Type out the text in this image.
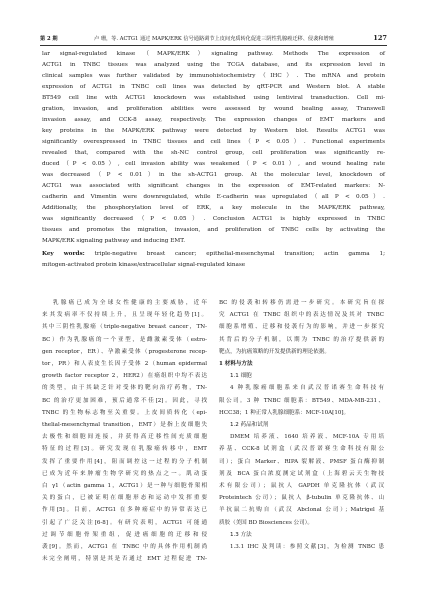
第 2 期	卢 珊，等. ACTG1 通过 MAPK/ERK 信号通路调节上皮间充质转化促进三阴性乳腺癌迁移、侵袭和增殖	127
lar signal-regulated kinase（MAPK/ERK）signaling pathway. Methods The expression of
ACTG1 in TNBC tissues was analyzed using the TCGA database, and its expression level in
clinical samples was further validated by immunohistochemistry（IHC）. The mRNA and protein
expression of ACTG1 in TNBC cell lines was detected by qRT-PCR and Western blot. A stable
BT549 cell line with ACTG1 knockdown was established using lentiviral transduction. Cell mi-
gration, invasion, and proliferation abilities were assessed by wound healing assay, Transwell
invasion assay, and CCK-8 assay, respectively. The expression changes of EMT markers and
key proteins in the MAPK/ERK pathway were detected by Western blot. Results ACTG1 was
significantly overexpressed in TNBC tissues and cell lines（P < 0.05）. Functional experiments
revealed that, compared with the sh-NC control group, cell proliferation was significantly re-
duced（P < 0.05）, cell invasion ability was weakened（P < 0.01）, and wound healing rate
was decreased（P < 0.01）in the sh-ACTG1 group. At the molecular level, knockdown of
ACTG1 was associated with significant changes in the expression of EMT-related markers: N-
cadherin and Vimentin were downregulated, while E-cadherin was upregulated（all P < 0.05）.
Additionally, the phosphorylation level of ERK, a key molecule in the MAPK/ERK pathway,
was significantly decreased（P < 0.05）. Conclusion ACTG1 is highly expressed in TNBC
tissues and promotes the migration, invasion, and proliferation of TNBC cells by activating the
MAPK/ERK signaling pathway and inducing EMT.
Key words: triple-negative breast cancer; epithelial-mesenchymal transition; actin gamma 1;
mitogen-activated protein kinase/extracellular signal-regulated kinase
乳腺癌已成为全球女性健康的主要威胁，近年
来其发病率不仅持续上升，且呈现年轻化趋势[1]。
其中三阴性乳腺癌（triple-negative breast cancer，TN-
BC）作为乳腺癌的一个亚型，是雌激素受体（estro-
gen receptor，ER）、孕激素受体（progesterone recep-
tor，PR）和人表皮生长因子受体 2（human epidermal
growth factor receptor 2，HER2）在癌组织中均不表达
的类型，由于其缺乏针对受体的靶向治疗药物，TN-
BC 的治疗更加困难，预后通常不佳[2]。因此，寻找
TNBC 的生物标志物至关重要。上皮间质转化（epi-
thelial-mesenchymal transition，EMT）是指上皮细胞失
去极性和细胞间连接，并获得高迁移性间充质细胞
特征的过程[3]。研究发现在乳腺癌转移中，EMT
发挥了重要作用[4]，阻而调控这一过程的分子机制
已成为近年来肿瘤生物学研究的热点之一。肌动蛋
白 γ1（actin gamma 1，ACTG1）是一种与细胞骨架相
关的蛋白，已被证明在细胞形态和运动中发挥重要
作用[5]。目前，ACTG1 在多种癌症中的异常表达已
引起了广泛关注[6-8]。有研究表明，ACTG1 可能通
过调节细胞骨架重组，促进癌细胞的迁移和侵
袭[9]。然而，ACTG1 在 TNBC 中的具体作用机制尚
未完全阐明，特别是其是否通过 EMT 过程促进 TN-
BC 的侵袭和转移仍需进一步研究。本研究旨在探
究 ACTG1 在 TNBC 组织中的表达情况及其对 TNBC
细胞系增殖、迁移和侵袭行为的影响，并进一步探究
其背后的分子机制，以期为 TNBC 的治疗提供新的
靶点，为抗癌策略的开发提供新的理论依据。
1 材料与方法
1.1 细胞
4 种乳腺癌细胞系来自武汉普诺赛生命科技有
限公司。3 种 TNBC 细胞系：BT549、MDA-MB-231、
HCC38；1 种正常人乳腺细胞系：MCF-10A[10]。
1.2 药品和试剂
DMEM 培养液、1640 培养液、MCF-10A 专用培
养基、CCK-8 试剂盒（武汉普诺赛生命科技有限公
司）；蛋白 Marker、RIPA 裂解液、PMSF 蛋白酶抑制
剂及 BCA 蛋白浓度测定试剂盒（上海碧云天生物技
术有限公司）；鼠抗人 GAPDH 单克隆抗体（武汉
Proteintech 公司）；鼠抗人 β-tubulin 单克隆抗体、山
羊抗鼠二抗购自（武汉 Abclonal 公司）；Matrigel 基
质胶（美国 BD Biosciences 公司）。
1.3 方法
1.3.1 IHC 及判读：参照文献[3]，为检测 TNBC 患
